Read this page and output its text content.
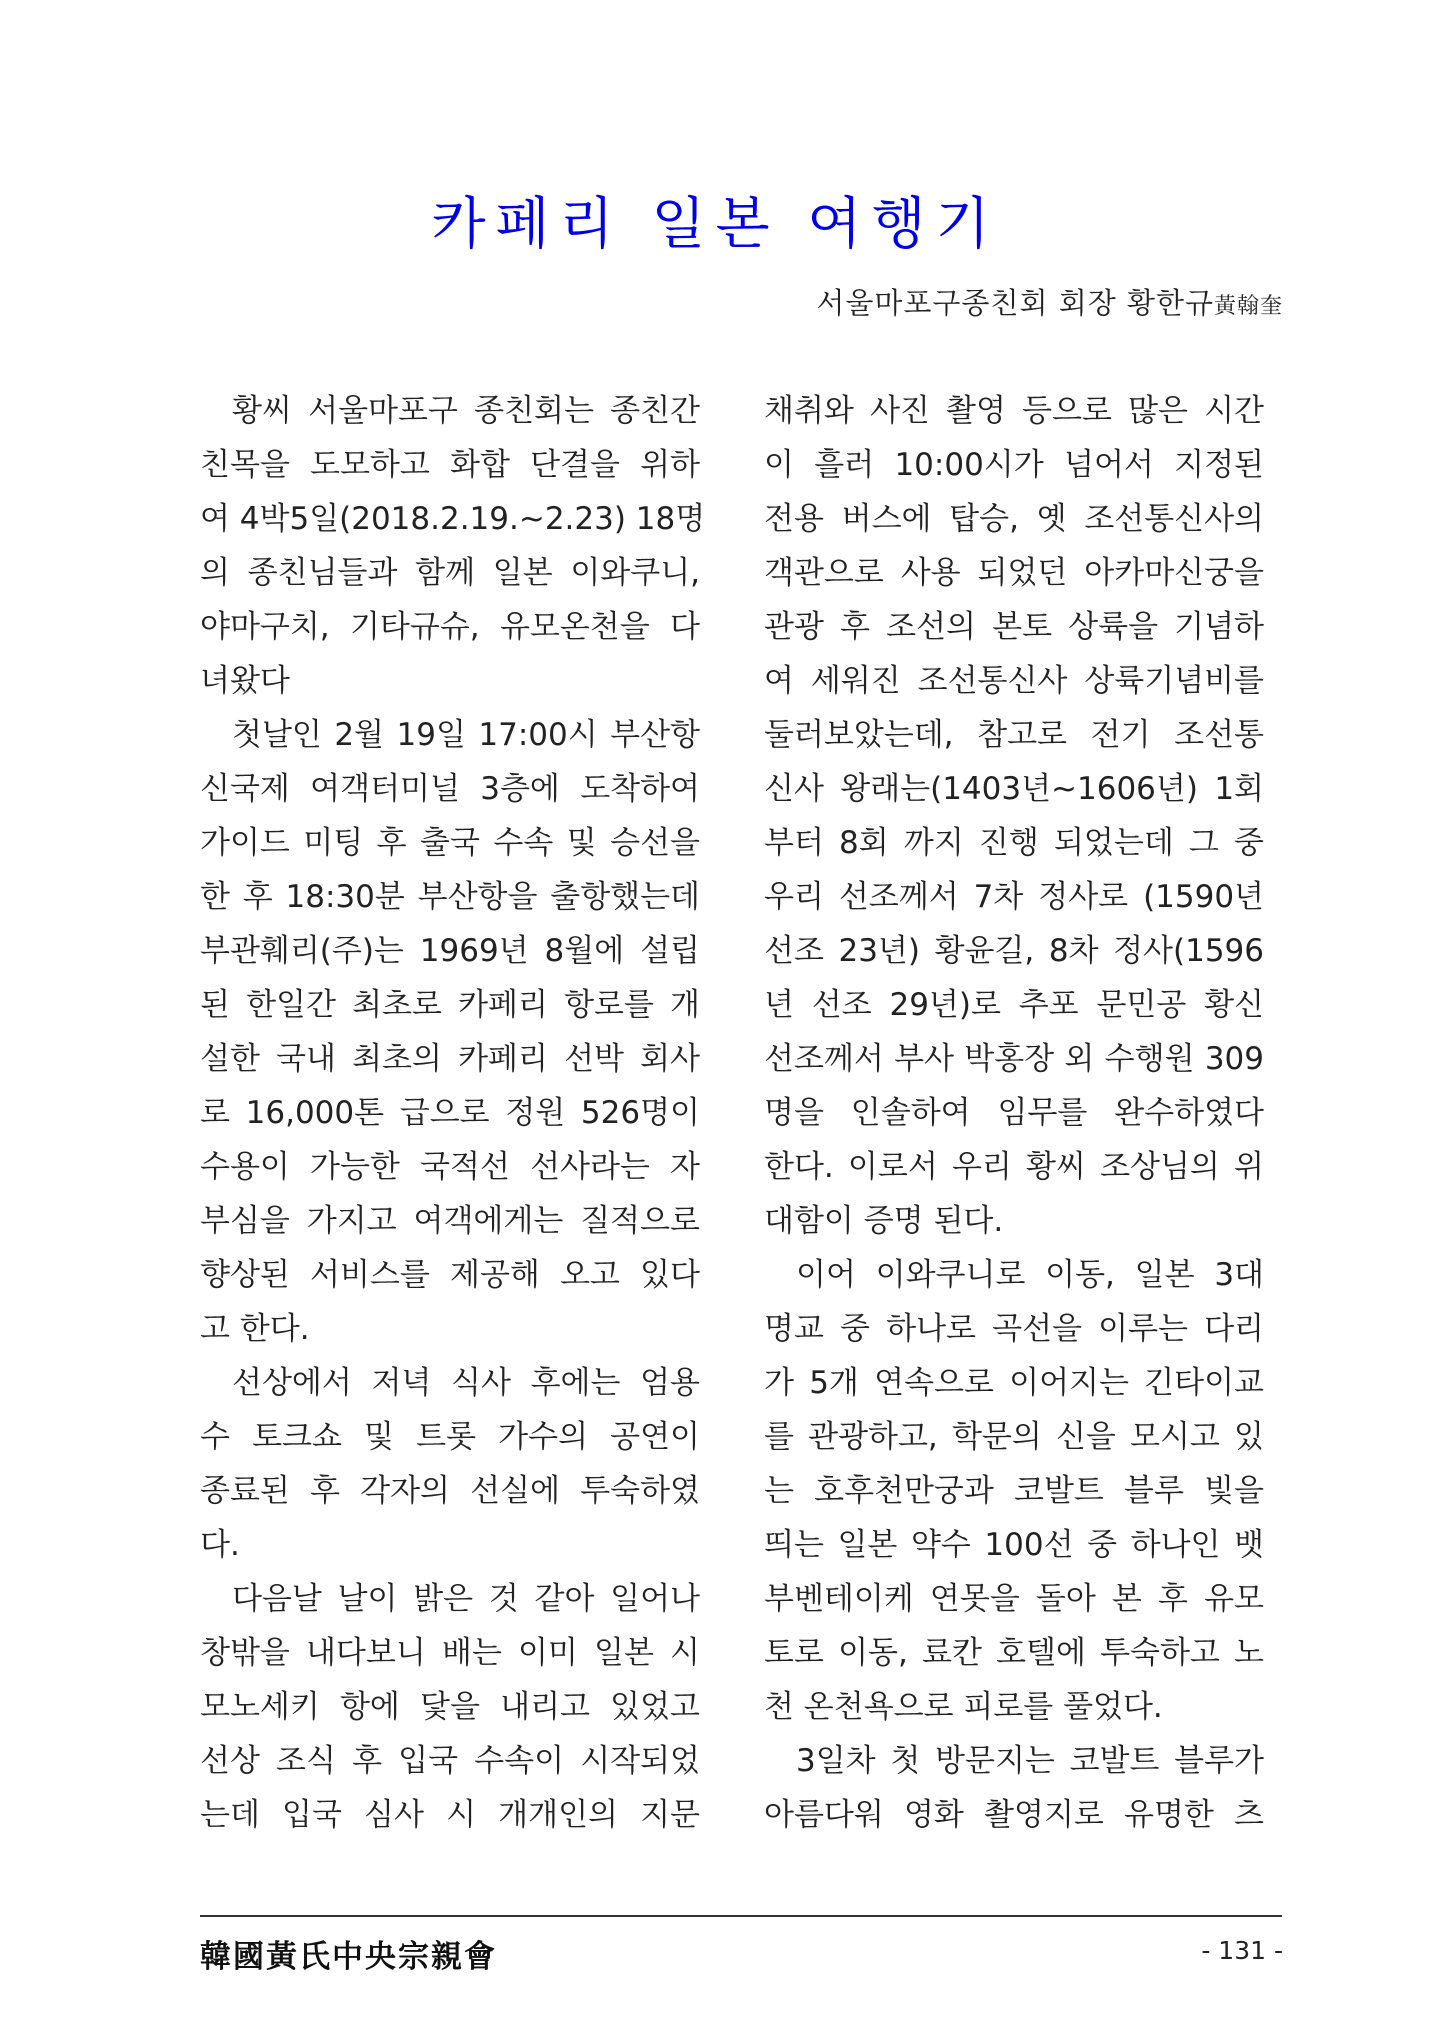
카페리 일본 여행기
서울마포구종친회 회장 황한규黃翰奎
황씨 서울마포구 종친회는 종친간
친목을 도모하고 화합 단결을 위하
여 4박5일(2018.2.19.~2.23) 18명
의 종친님들과 함께 일본 이와쿠니,
야마구치, 기타규슈, 유모온천을 다
녀왔다
첫날인 2월 19일 17:00시 부산항
신국제 여객터미널 3층에 도착하여
가이드 미팅 후 출국 수속 및 승선을
한 후 18:30분 부산항을 출항했는데
부관훼리(주)는 1969년 8월에 설립
된 한일간 최초로 카페리 항로를 개
설한 국내 최초의 카페리 선박 회사
로 16,000톤 급으로 정원 526명이
수용이 가능한 국적선 선사라는 자
부심을 가지고 여객에게는 질적으로
향상된 서비스를 제공해 오고 있다
고 한다.
선상에서 저녁 식사 후에는 엄용
수 토크쇼 및 트롯 가수의 공연이
종료된 후 각자의 선실에 투숙하였
다.
다음날 날이 밝은 것 같아 일어나
창밖을 내다보니 배는 이미 일본 시
모노세키 항에 닻을 내리고 있었고
선상 조식 후 입국 수속이 시작되었
는데 입국 심사 시 개개인의 지문
채취와 사진 촬영 등으로 많은 시간
이 흘러 10:00시가 넘어서 지정된
전용 버스에 탑승, 옛 조선통신사의
객관으로 사용 되었던 아카마신궁을
관광 후 조선의 본토 상륙을 기념하
여 세워진 조선통신사 상륙기념비를
둘러보았는데, 참고로 전기 조선통
신사 왕래는(1403년~1606년) 1회
부터 8회 까지 진행 되었는데 그 중
우리 선조께서 7차 정사로 (1590년
선조 23년) 황윤길, 8차 정사(1596
년 선조 29년)로 추포 문민공 황신
선조께서 부사 박홍장 외 수행원 309
명을 인솔하여 임무를 완수하였다
한다. 이로서 우리 황씨 조상님의 위
대함이 증명 된다.
이어 이와쿠니로 이동, 일본 3대
명교 중 하나로 곡선을 이루는 다리
가 5개 연속으로 이어지는 긴타이교
를 관광하고, 학문의 신을 모시고 있
는 호후천만궁과 코발트 블루 빛을
띄는 일본 약수 100선 중 하나인 뱃
부벤테이케 연못을 돌아 본 후 유모
토로 이동, 료칸 호텔에 투숙하고 노
천 온천욕으로 피로를 풀었다.
3일차 첫 방문지는 코발트 블루가
아름다워 영화 촬영지로 유명한 츠
韓國黃氏中央宗親會	- 131 -
